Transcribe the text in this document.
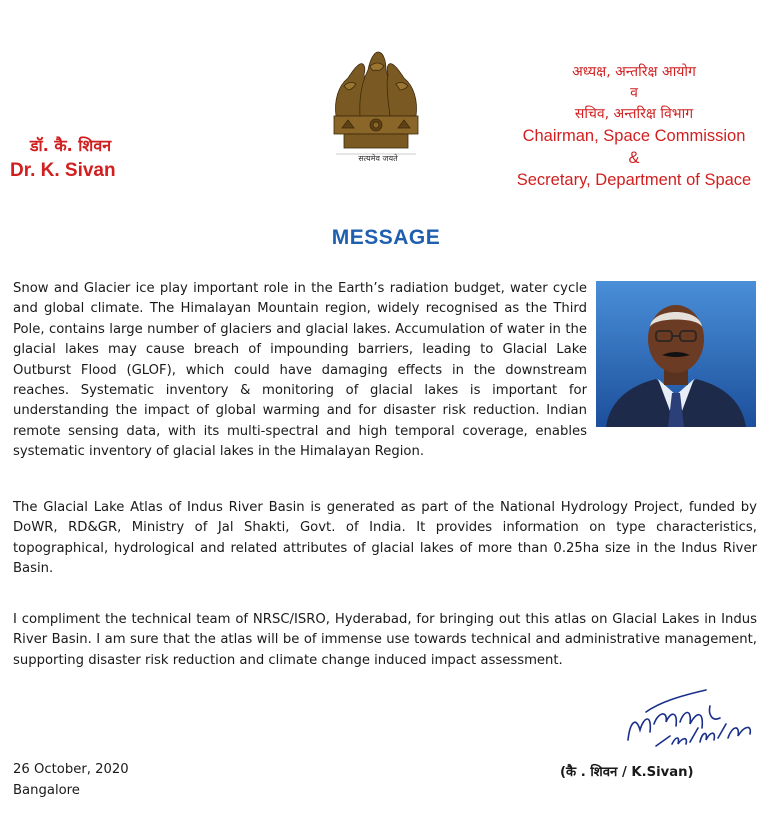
डॉ. कै. शिवन
Dr. K. Sivan
सत्यमेव जयते
अध्यक्ष, अन्तरिक्ष आयोग
व
सचिव, अन्तरिक्ष विभाग
Chairman, Space Commission
&
Secretary, Department of Space
MESSAGE
Snow and Glacier ice play important role in the Earth’s radiation budget, water cycle and global climate. The Himalayan Mountain region, widely recognised as the Third Pole, contains large number of glaciers and glacial lakes. Accumulation of water in the glacial lakes may cause breach of impounding barriers, leading to Glacial Lake Outburst Flood (GLOF), which could have damaging effects in the downstream reaches. Systematic inventory & monitoring of glacial lakes is important for understanding the impact of global warming and for disaster risk reduction. Indian remote sensing data, with its multi-spectral and high temporal coverage, enables systematic inventory of glacial lakes in the Himalayan Region.
The Glacial Lake Atlas of Indus River Basin is generated as part of the National Hydrology Project, funded by DoWR, RD&GR, Ministry of Jal Shakti, Govt. of India. It provides information on type characteristics, topographical, hydrological and related attributes of glacial lakes of more than 0.25ha size in the Indus River Basin.
I compliment the technical team of NRSC/ISRO, Hyderabad, for bringing out this atlas on Glacial Lakes in Indus River Basin. I am sure that the atlas will be of immense use towards technical and administrative management, supporting disaster risk reduction and climate change induced impact assessment.
26 October, 2020
Bangalore
(कै . शिवन / K.Sivan)
